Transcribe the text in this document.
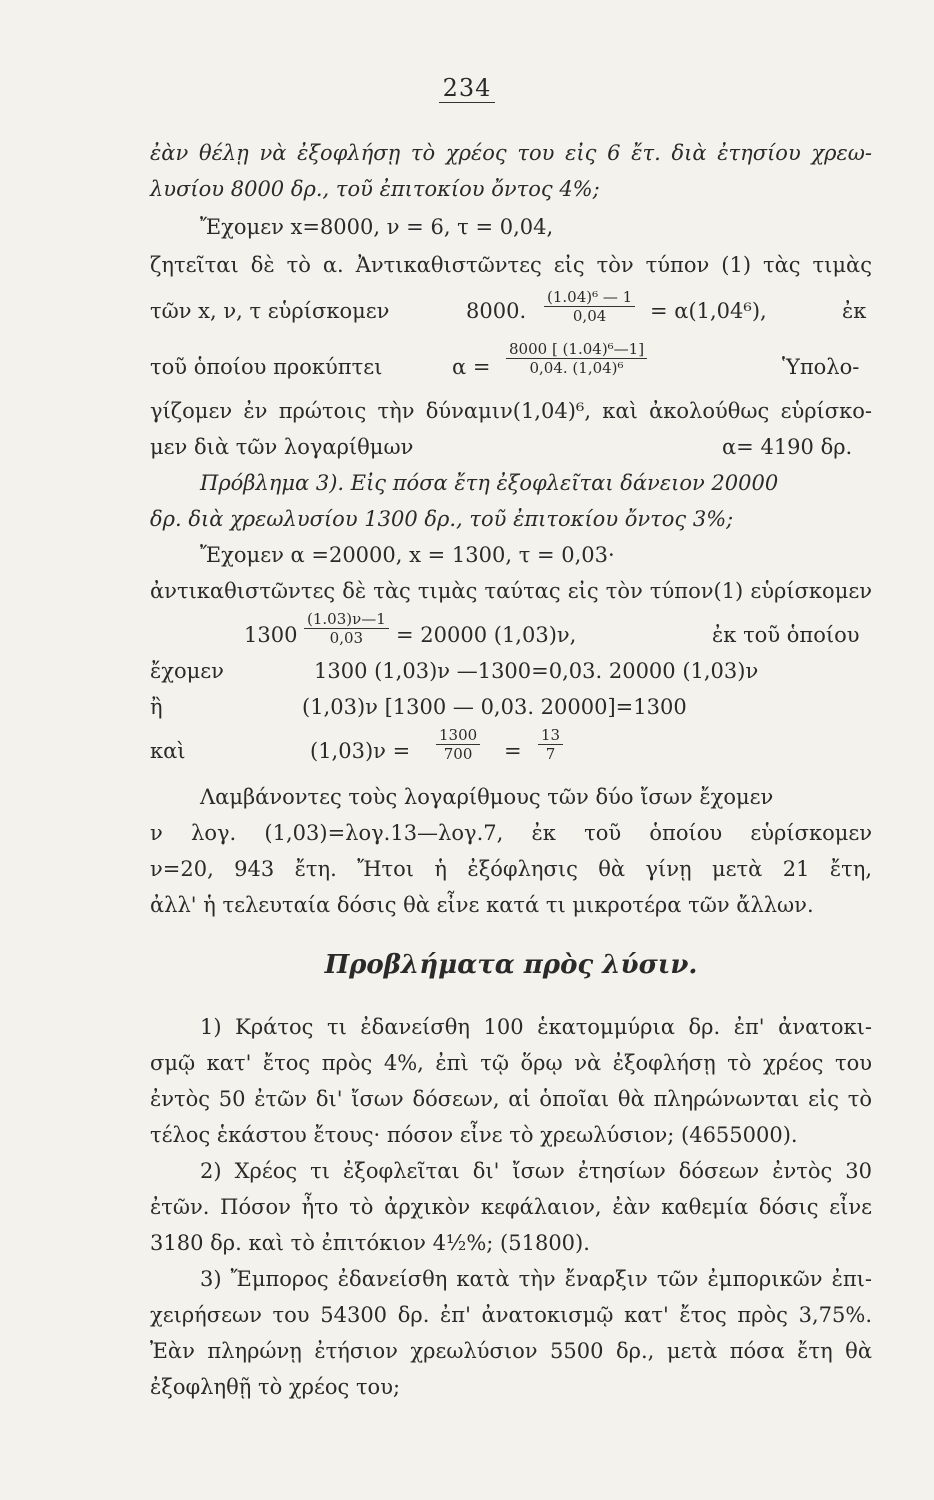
234
ἐὰν θέλῃ νὰ ἐξοφλήσῃ τὸ χρέος του εἰς 6 ἔτ. διὰ ἐτησίου χρεω-
λυσίου 8000 δρ., τοῦ ἐπιτοκίου ὄντος 4%;
Ἔχομεν x=8000, ν = 6, τ = 0,04,
ζητεῖται δὲ τὸ α. Ἀντικαθιστῶντες εἰς τὸν τύπον (1) τὰς τιμὰς
τῶν x, ν, τ εὑρίσκομεν	8000. $\frac{\text{(1.04)⁶ — 1}}{0,04} = \alpha(1,04^6)$,	ἐκ
τοῦ ὁποίου προκύπτει	$\alpha = \frac{\text{8000 [ (1.04)⁶—1]}}{\text{0,04. (1,04)⁶}}$	Ὑπολο-
γίζομεν ἐν πρώτοις τὴν δύναμιν(1,04)⁶, καὶ ἀκολούθως εὑρίσκο-
μεν διὰ τῶν λογαρίθμων	α= 4190 δρ.
Πρόβλημα 3). Εἰς πόσα ἔτη ἐξοφλεῖται δάνειον 20000
δρ. διὰ χρεωλυσίου 1300 δρ., τοῦ ἐπιτοκίου ὄντος 3%;
Ἔχομεν α =20000, x = 1300, τ = 0,03·
ἀντικαθιστῶντες δὲ τὰς τιμὰς ταύτας εἰς τὸν τύπον(1) εὑρίσκομεν
$1300 \frac{(1.03)\nu—1}{0,03} = 20000$ (1,03)ν,	ἐκ τοῦ ὁποίου
ἔχομεν	1300 (1,03)ν —1300=0,03. 20000 (1,03)ν
ἢ	(1,03)ν [1300 — 0,03. 20000]=1300
καὶ	$(1,03)\nu = \frac{1300}{700} = \frac{13}{7}$
Λαμβάνοντες τοὺς λογαρίθμους τῶν δύο ἴσων ἔχομεν
ν λογ. (1,03)=λογ.13—λογ.7, ἐκ τοῦ ὁποίου εὑρίσκομεν
ν=20, 943 ἔτη. Ἤτοι ἡ ἐξόφλησις θὰ γίνῃ μετὰ 21 ἔτη,
ἀλλ' ἡ τελευταία δόσις θὰ εἶνε κατά τι μικροτέρα τῶν ἄλλων.
Προβλήματα πρὸς λύσιν.
1) Κράτος τι ἐδανείσθη 100 ἑκατομμύρια δρ. ἐπ' ἀνατοκι-
σμῷ κατ' ἔτος πρὸς 4%, ἐπὶ τῷ ὅρῳ νὰ ἐξοφλήσῃ τὸ χρέος του
ἐντὸς 50 ἐτῶν δι' ἴσων δόσεων, αἱ ὁποῖαι θὰ πληρώνωνται εἰς τὸ
τέλος ἑκάστου ἔτους· πόσον εἶνε τὸ χρεωλύσιον; (4655000).
2) Χρέος τι ἐξοφλεῖται δι' ἴσων ἐτησίων δόσεων ἐντὸς 30
ἐτῶν. Πόσον ἦτο τὸ ἀρχικὸν κεφάλαιον, ἐὰν καθεμία δόσις εἶνε
3180 δρ. καὶ τὸ ἐπιτόκιον 4½%; (51800).
3) Ἔμπορος ἐδανείσθη κατὰ τὴν ἔναρξιν τῶν ἐμπορικῶν ἐπι-
χειρήσεων του 54300 δρ. ἐπ' ἀνατοκισμῷ κατ' ἔτος πρὸς 3,75%.
Ἐὰν πληρώνῃ ἐτήσιον χρεωλύσιον 5500 δρ., μετὰ πόσα ἔτη θὰ
ἐξοφληθῇ τὸ χρέος του;
